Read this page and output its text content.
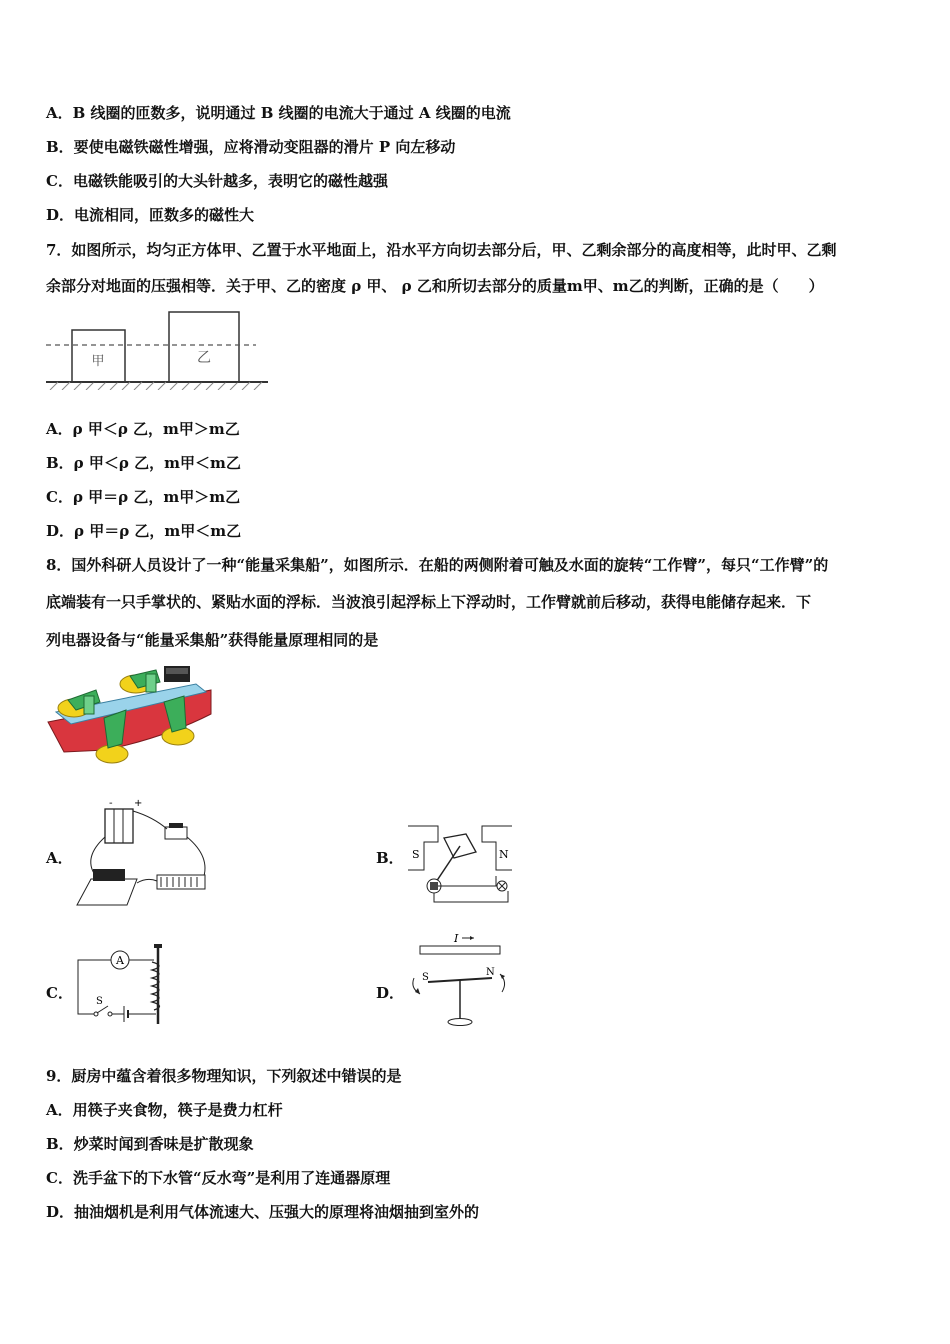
A．B 线圈的匝数多，说明通过 B 线圈的电流大于通过 A 线圈的电流
B．要使电磁铁磁性增强，应将滑动变阻器的滑片 P 向左移动
C．电磁铁能吸引的大头针越多，表明它的磁性越强
D．电流相同，匝数多的磁性大
7．如图所示，均匀正方体甲、乙置于水平地面上，沿水平方向切去部分后，甲、乙剩余部分的高度相等，此时甲、乙剩
余部分对地面的压强相等．关于甲、乙的密度 ρ 甲、 ρ 乙和所切去部分的质量m甲、m乙的判断，正确的是（　　）
甲	乙
A．ρ 甲＜ρ 乙，m甲＞m乙
B．ρ 甲＜ρ 乙，m甲＜m乙
C．ρ 甲＝ρ 乙，m甲＞m乙
D．ρ 甲＝ρ 乙，m甲＜m乙
8．国外科研人员设计了一种“能量采集船”，如图所示．在船的两侧附着可触及水面的旋转“工作臂”，每只“工作臂”的
底端装有一只手掌状的、紧贴水面的浮标．当波浪引起浮标上下浮动时，工作臂就前后移动，获得电能储存起来．下
列电器设备与“能量采集船”获得能量原理相同的是
A．
- +
B． S	N
C．
A
S	D．
I
S	N
9．厨房中蕴含着很多物理知识，下列叙述中错误的是
A．用筷子夹食物，筷子是费力杠杆
B．炒菜时闻到香味是扩散现象
C．洗手盆下的下水管“反水弯”是利用了连通器原理
D．抽油烟机是利用气体流速大、压强大的原理将油烟抽到室外的
